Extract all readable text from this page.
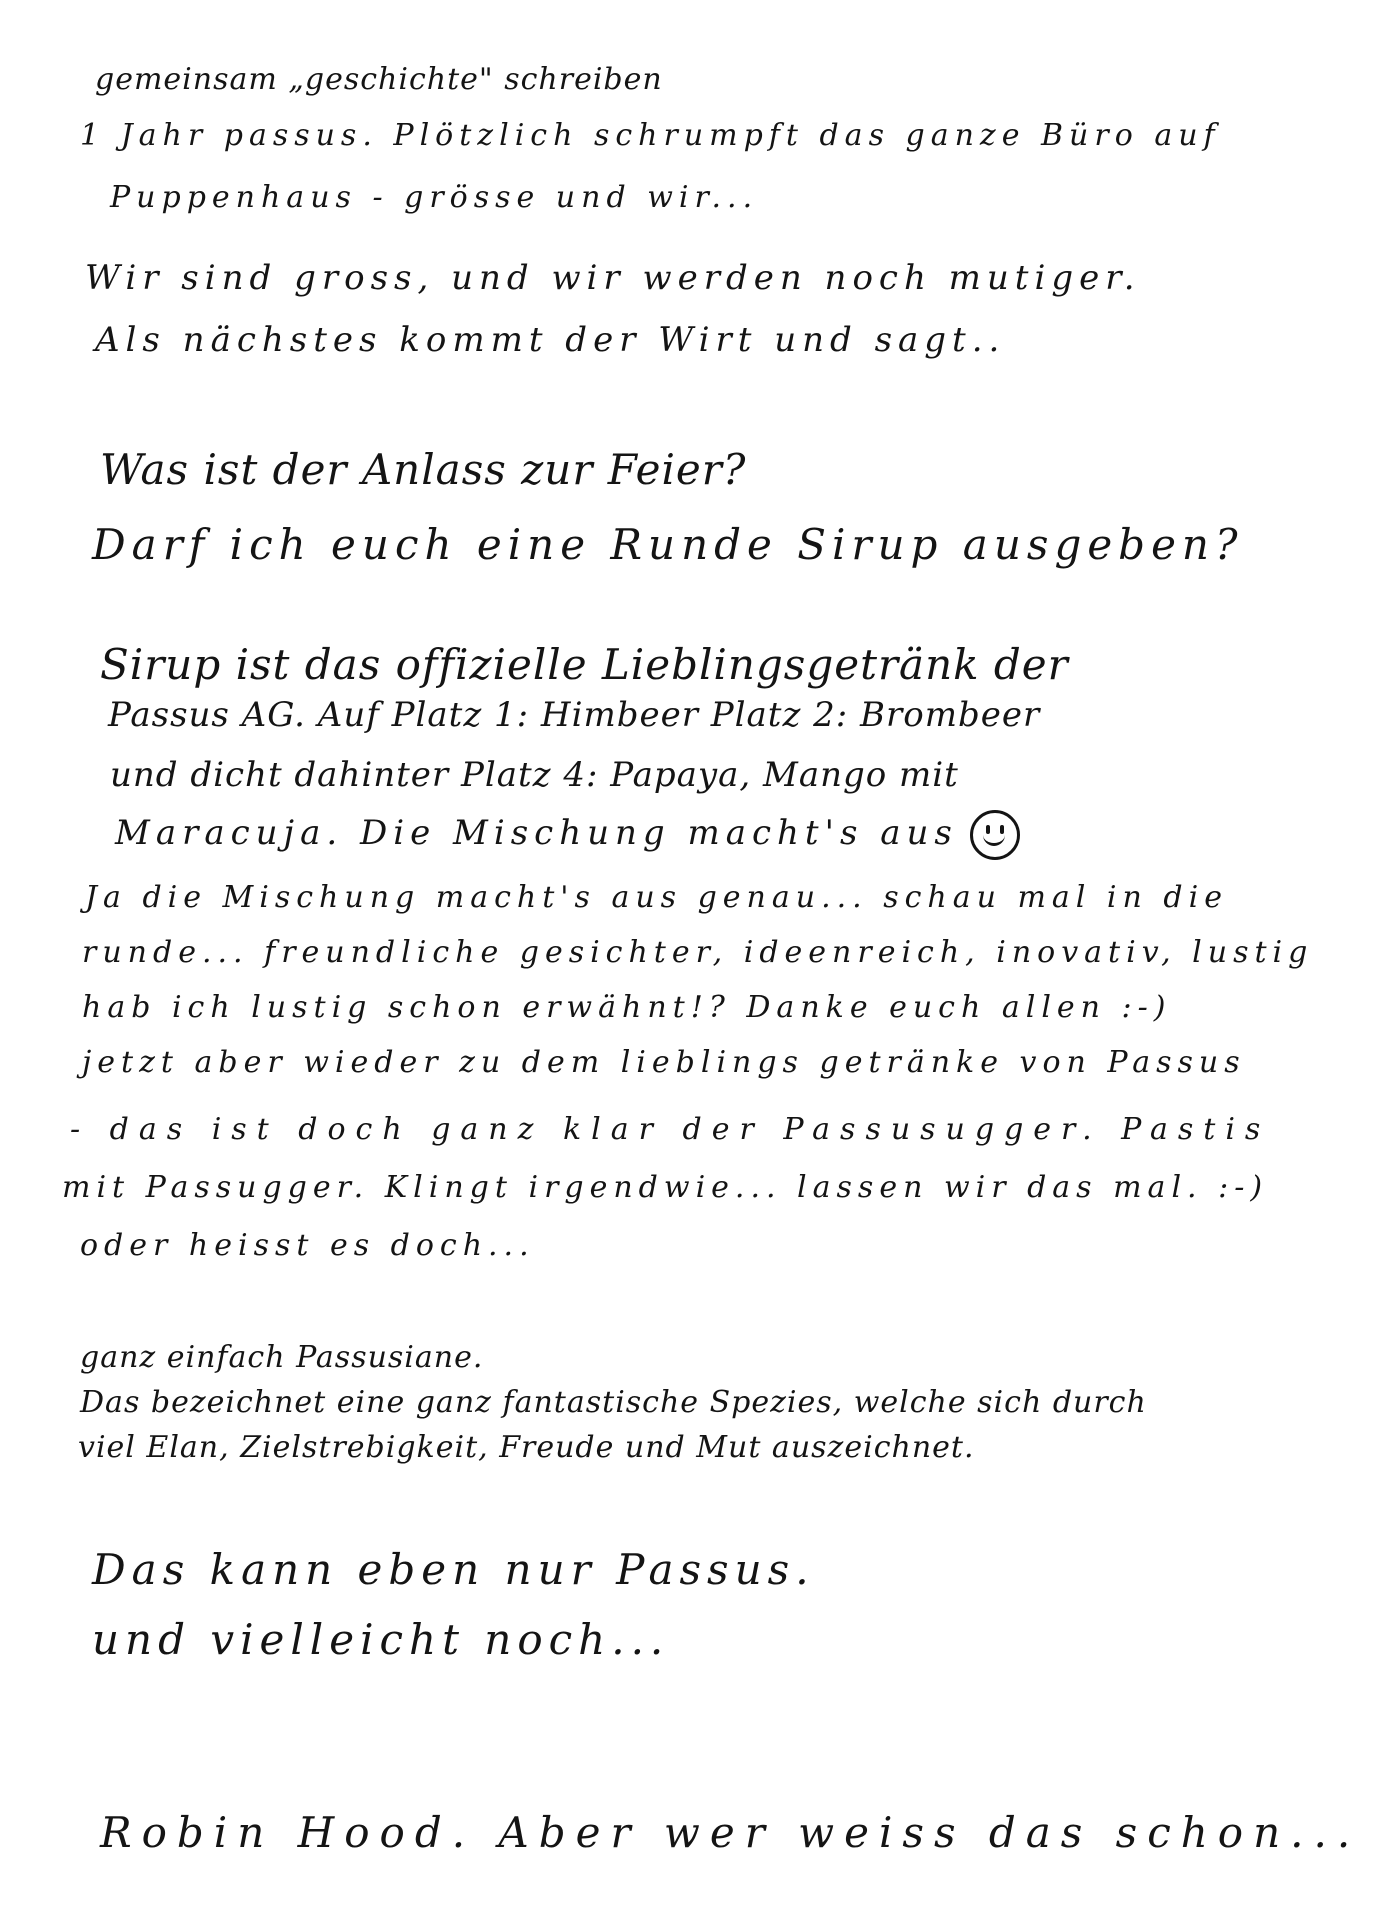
gemeinsam „geschichte" schreiben
1 Jahr passus. Plötzlich schrumpft das ganze Büro auf
Puppenhaus - grösse und wir...
Wir sind gross, und wir werden noch mutiger.
Als nächstes kommt der Wirt und sagt..
Was ist der Anlass zur Feier?
Darf ich euch eine Runde Sirup ausgeben?
Sirup ist das offizielle Lieblingsgetränk der
Passus AG. Auf Platz 1: Himbeer Platz 2: Brombeer
und dicht dahinter Platz 4: Papaya, Mango mit
Maracuja. Die Mischung macht's aus
Ja die Mischung macht's aus genau... schau mal in die
runde... freundliche gesichter, ideenreich, inovativ, lustig
hab ich lustig schon erwähnt!? Danke euch allen :-)
jetzt aber wieder zu dem lieblings getränke von Passus
- das ist doch ganz klar der Passusugger. Pastis
mit Passugger. Klingt irgendwie... lassen wir das mal. :-)
oder heisst es doch...
ganz einfach Passusiane.
Das bezeichnet eine ganz fantastische Spezies, welche sich durch
viel Elan, Zielstrebigkeit, Freude und Mut auszeichnet.
Das kann eben nur Passus.
und vielleicht noch...
Robin Hood. Aber wer weiss das schon...
